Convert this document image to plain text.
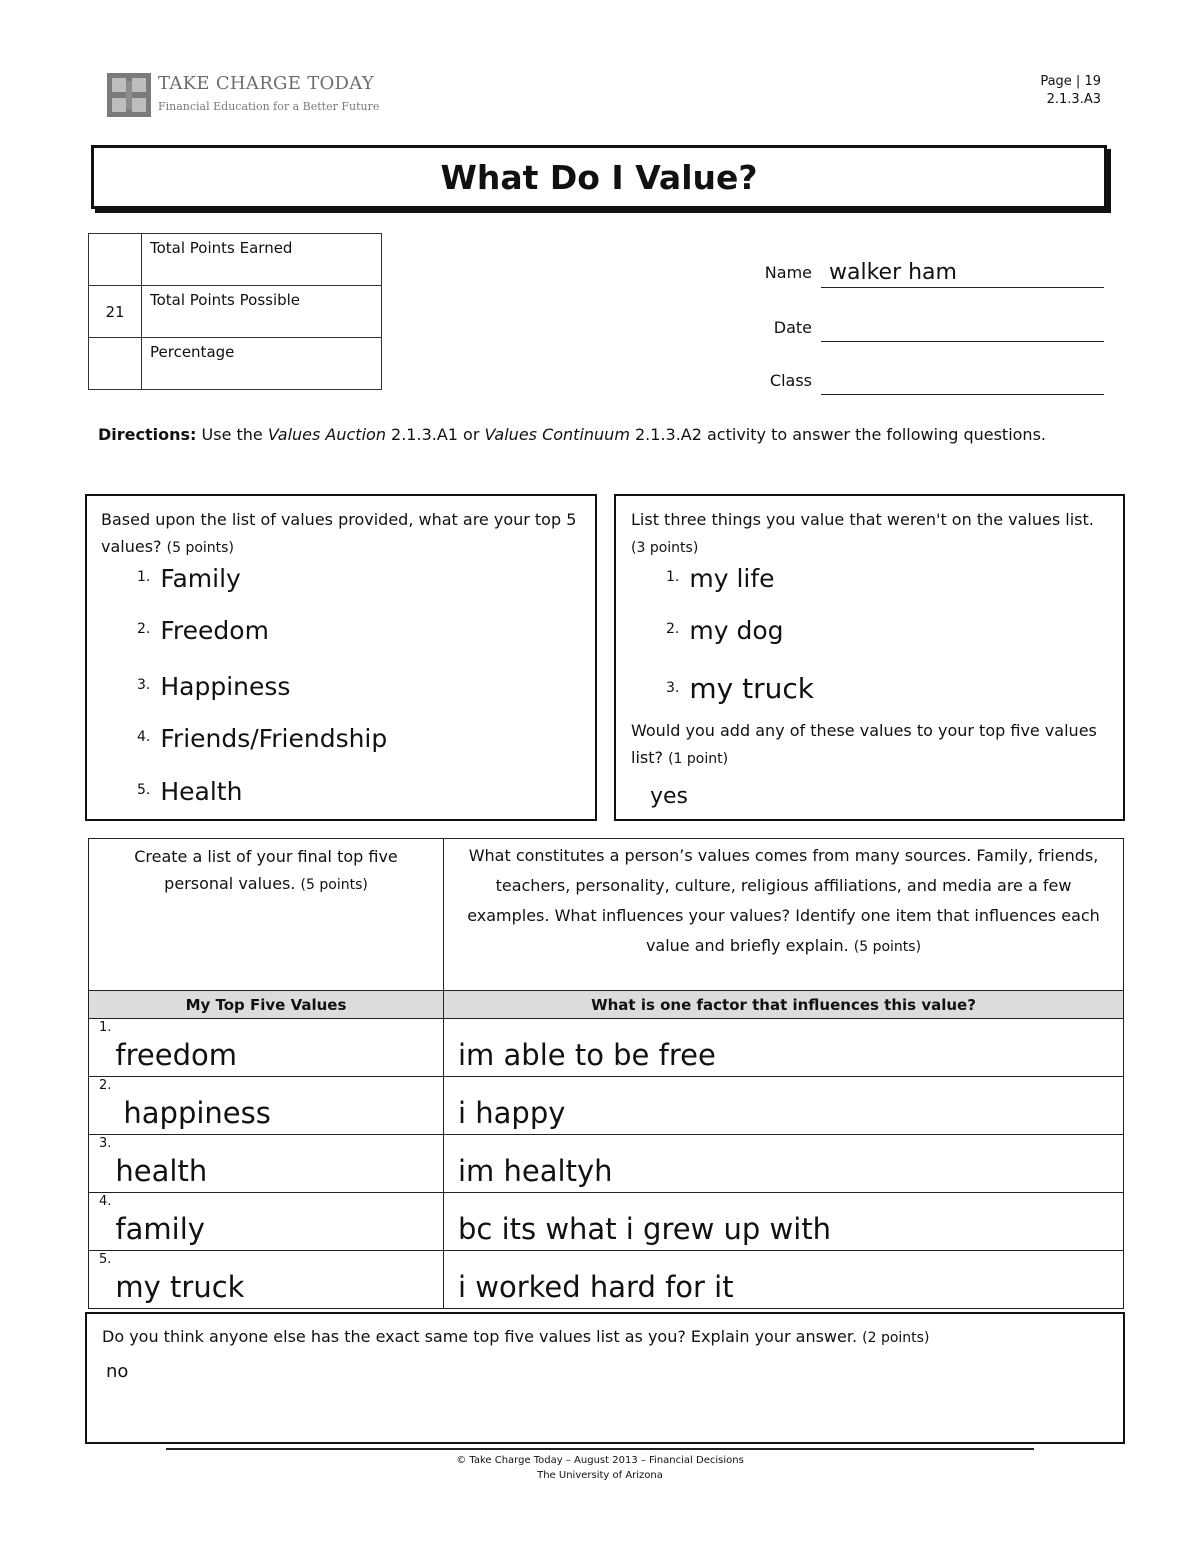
TAKE CHARGE TODAY
Financial Education for a Better Future
Page | 19
2.1.3.A3
What Do I Value?
	Total Points Earned
21	Total Points Possible
	Percentage
Name walker ham
Date
Class
Directions: Use the Values Auction 2.1.3.A1 or Values Continuum 2.1.3.A2 activity to answer the following questions.
Based upon the list of values provided, what are your top 5 values? (5 points)
1. Family
2. Freedom
3. Happiness
4. Friends/Friendship
5. Health
List three things you value that weren't on the values list. (3 points)
1. my life
2. my dog
3. my truck
Would you add any of these values to your top five values list? (1 point)
yes
Create a list of your final top five personal values. (5 points)	What constitutes a person’s values comes from many sources. Family, friends, teachers, personality, culture, religious affiliations, and media are a few examples. What influences your values? Identify one item that influences each value and briefly explain. (5 points)
My Top Five Values	What is one factor that influences this value?
$^{1.}$freedom	im able to be free
$^{2.}$happiness	i happy
$^{3.}$health	im healtyh
$^{4.}$family	bc its what i grew up with
$^{5.}$my truck	i worked hard for it
Do you think anyone else has the exact same top five values list as you? Explain your answer. (2 points)
no
© Take Charge Today – August 2013 – Financial Decisions
The University of Arizona
